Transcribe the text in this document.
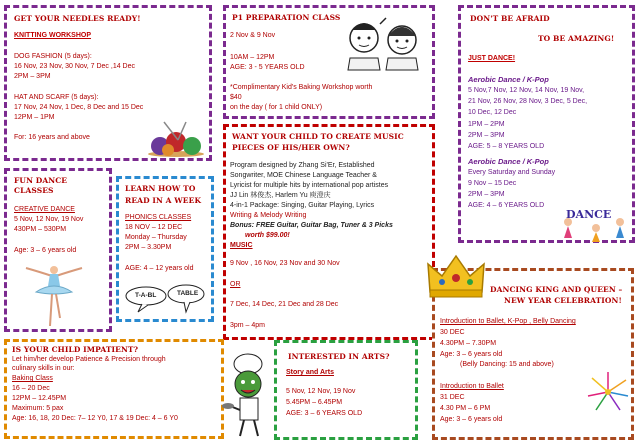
GET YOUR NEEDLES READY!
KNITTING WORKSHOP
DOG FASHION (5 days):
16 Nov, 23 Nov, 30 Nov, 7 Dec ,14 Dec
2PM – 3PM
HAT AND SCARF (5 days):
17 Nov, 24 Nov, 1 Dec, 8 Dec and 15 Dec
12PM – 1PM
For: 16 years and above
P1 PREPARATION CLASS
2 Nov & 9 Nov
10AM – 12PM
AGE: 3 - 5 YEARS OLD
*Complimentary Kid's Baking Workshop worth
$40
on the day ( for 1 child ONLY)
DON'T BE AFRAID
TO BE AMAZING!
JUST DANCE!
Aerobic Dance / K-Pop
5 Nov,7 Nov, 12 Nov, 14 Nov, 19 Nov,
21 Nov, 26 Nov, 28 Nov, 3 Dec, 5 Dec,
10 Dec, 12 Dec
1PM – 2PM
2PM – 3PM
AGE: 5 – 8 YEARS OLD
Aerobic Dance / K-Pop
Every Saturday and Sunday
9 Nov – 15 Dec
2PM – 3PM
AGE: 4 – 6 YEARS OLD
DANCE
WANT YOUR CHILD TO CREATE MUSIC
PIECES OF HIS/HER OWN?
Program designed by Zhang Si'Er, Established
Songwriter, MOE Chinese Language Teacher &
Lyricist for multiple hits by international pop artistes
JJ Lin 林俊杰, Harlem Yu 庾澄庆
4-in-1 Package: Singing, Guitar Playing, Lyrics
Writing & Melody Writing
Bonus: FREE Guitar, Guitar Bag, Tuner & 3 Picks
worth $99.00!
MUSIC
9 Nov , 16 Nov, 23 Nov and 30 Nov
OR
7 Dec, 14 Dec, 21 Dec and 28 Dec
3pm – 4pm
FUN DANCE
CLASSES
CREATIVE DANCE
5 Nov, 12 Nov, 19 Nov
430PM – 530PM
Age: 3 – 6 years old
LEARN HOW TO
READ IN A WEEK
PHONICS CLASSES
18 NOV – 12 DEC
Monday – Thursday
2PM – 3.30PM
AGE: 4 – 12 years old
T-A-BL	TABLE
IS YOUR CHILD IMPATIENT?
Let him/her develop Patience & Precision through
culinary skills in our:
Baking Class
16 – 20 Dec
12PM – 12.45PM
Maximum: 5 pax
Age: 16, 18, 20 Dec: 7– 12 Y0, 17 & 19 Dec: 4 – 6 Y0
INTERESTED IN ARTS?
Story and Arts
5 Nov, 12 Nov, 19 Nov
5.45PM – 6.45PM
AGE: 3 – 6 YEARS OLD
DANCING KING AND QUEEN –
NEW YEAR CELEBRATION!
Introduction to Ballet, K-Pop , Belly Dancing
30 DEC
4.30PM – 7.30PM
Age: 3 – 6 years old
(Belly Dancing: 15 and above)
Introduction to Ballet
31 DEC
4.30 PM – 6 PM
Age: 3 – 6 years old
